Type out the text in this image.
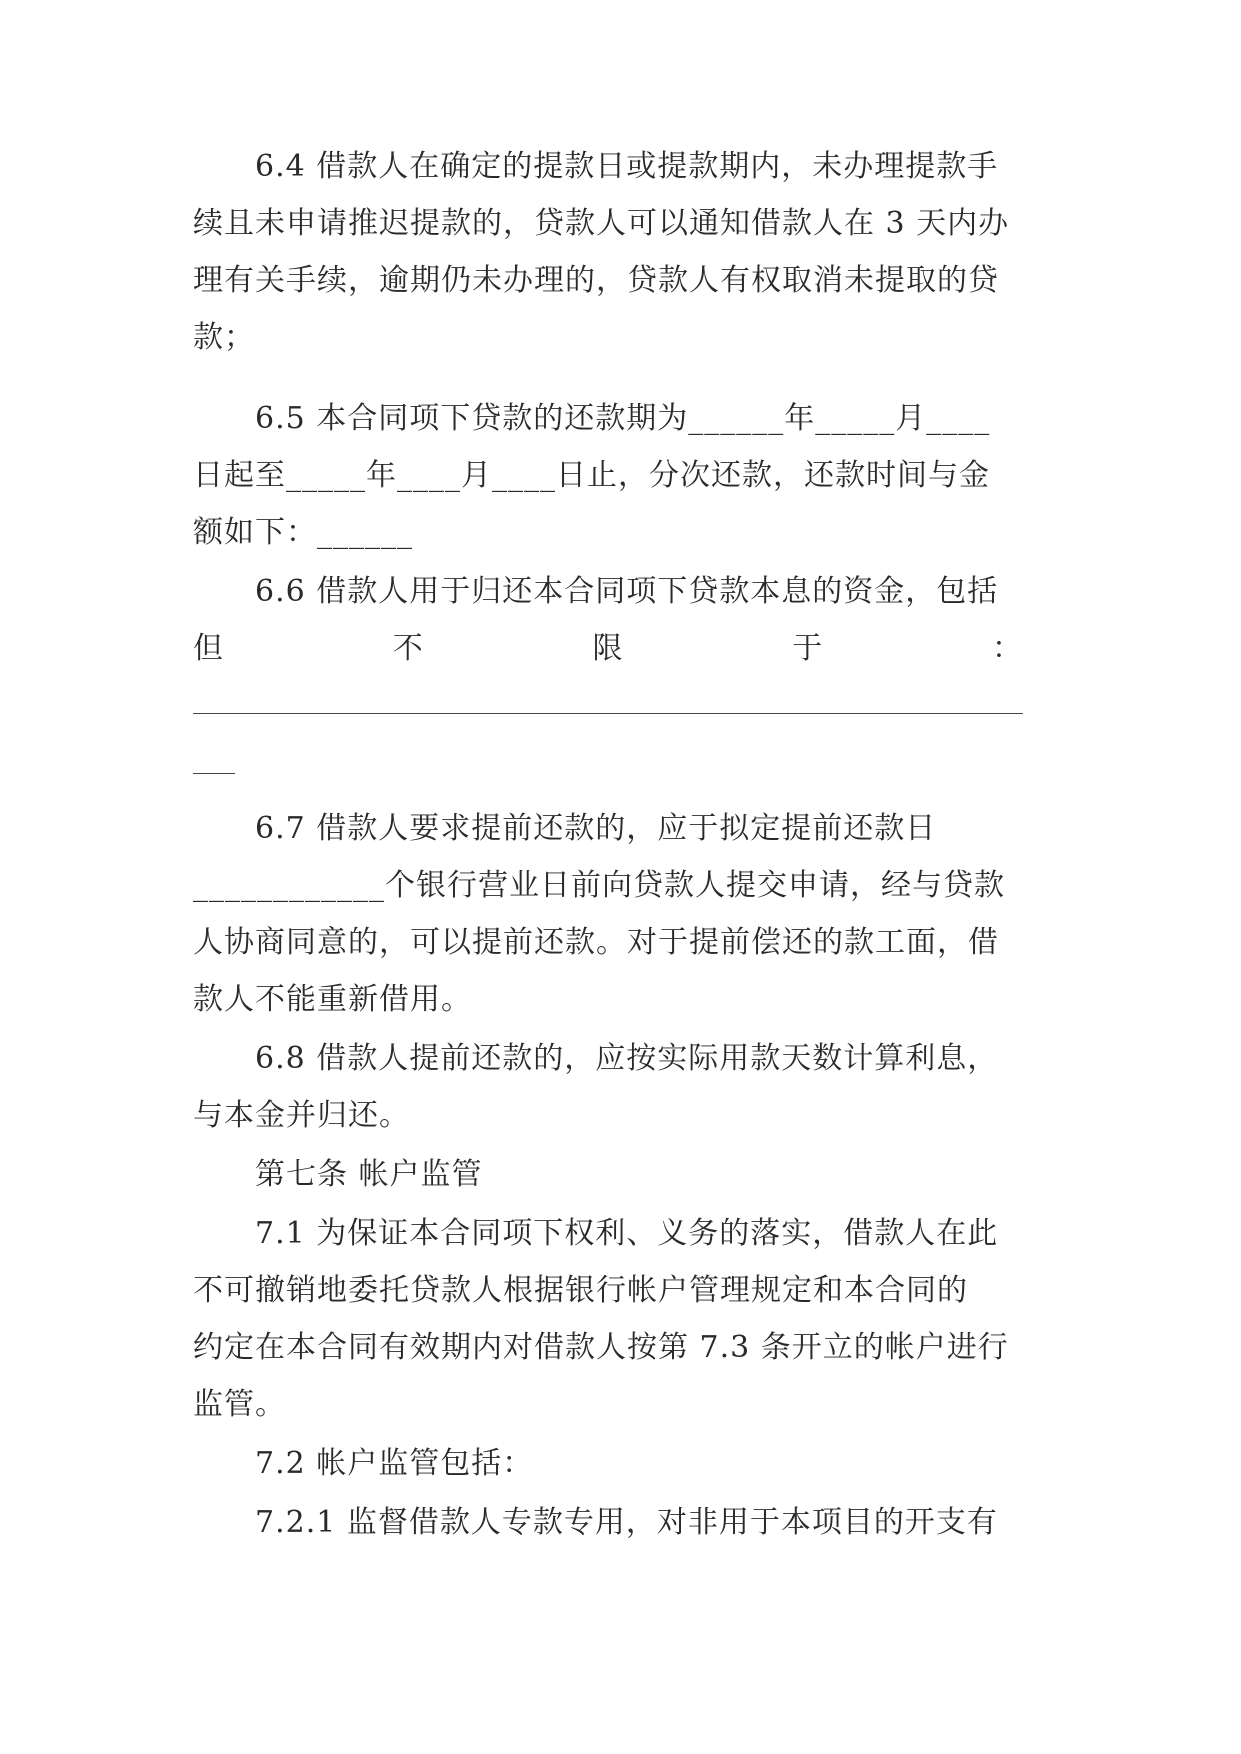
　　6.4 借款人在确定的提款日或提款期内，未办理提款手
续且未申请推迟提款的，贷款人可以通知借款人在 3 天内办
理有关手续，逾期仍未办理的，贷款人有权取消未提取的贷
款；
　　6.5 本合同项下贷款的还款期为______年_____月____
日起至_____年____月____日止，分次还款，还款时间与金
额如下：______
　　6.6 借款人用于归还本合同项下贷款本息的资金，包括
但	不	限	于	：
　　6.7 借款人要求提前还款的，应于拟定提前还款日
____________个银行营业日前向贷款人提交申请，经与贷款
人协商同意的，可以提前还款。对于提前偿还的款工面，借
款人不能重新借用。
　　6.8 借款人提前还款的，应按实际用款天数计算利息，
与本金并归还。
　　第七条 帐户监管
　　7.1 为保证本合同项下权利、义务的落实，借款人在此
不可撤销地委托贷款人根据银行帐户管理规定和本合同的
约定在本合同有效期内对借款人按第 7.3 条开立的帐户进行
监管。
　　7.2 帐户监管包括：
　　7.2.1 监督借款人专款专用，对非用于本项目的开支有
